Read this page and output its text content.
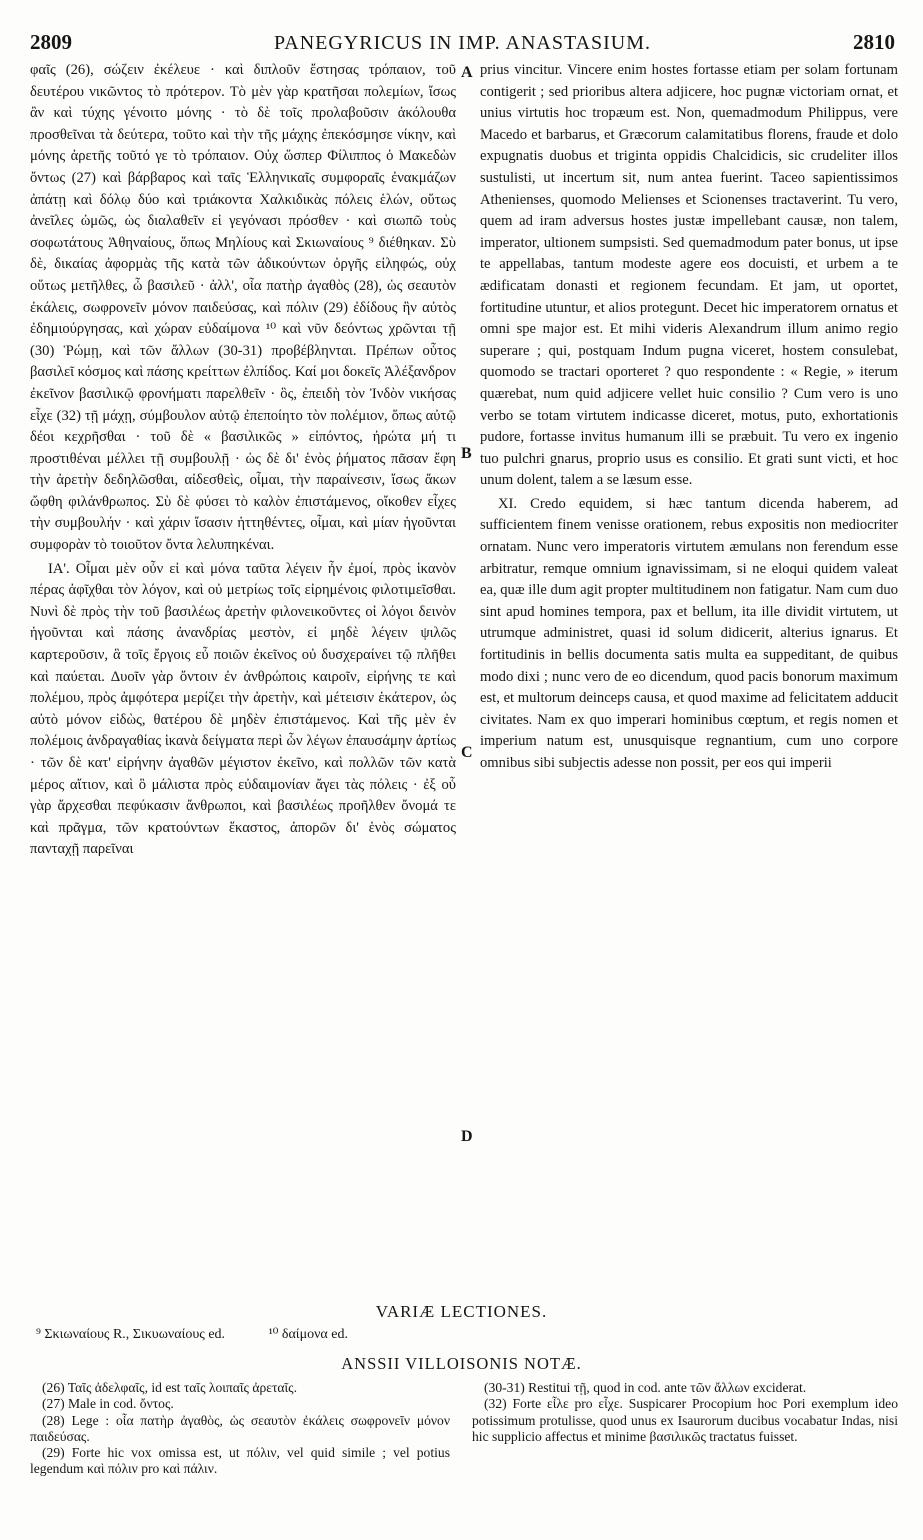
2809	PANEGYRICUS IN IMP. ANASTASIUM.	2810

φαῖς (26), σώζειν ἐκέλευε · καὶ διπλοῦν ἔστησας τρόπαιον, τοῦ δευτέρου νικῶντος τὸ πρότερον. Τὸ μὲν γὰρ κρατῆσαι πολεμίων, ἴσως ἂν καὶ τύχης γένοιτο μόνης · τὸ δὲ τοῖς προλαβοῦσιν ἀκόλουθα προσθεῖναι τὰ δεύτερα, τοῦτο καὶ τὴν τῆς μάχης ἐπεκόσμησε νίκην, καὶ μόνης ἀρετῆς τοῦτό γε τὸ τρόπαιον. Οὐχ ὥσπερ Φίλιππος ὁ Μακεδὼν ὄντως (27) καὶ βάρβαρος καὶ ταῖς Ἑλληνικαῖς συμφοραῖς ἐνακμάζων ἀπάτῃ καὶ δόλῳ δύο καὶ τριάκοντα Χαλκιδικὰς πόλεις ἑλών, οὕτως ἀνεῖλες ὠμῶς, ὡς διαλαθεῖν εἰ γεγόνασι πρόσθεν · καὶ σιωπῶ τοὺς σοφωτάτους Ἀθηναίους, ὅπως Μηλίους καὶ Σκιωναίους ⁹ διέθηκαν. Σὺ δὲ, δικαίας ἀφορμὰς τῆς κατὰ τῶν ἀδικούντων ὀργῆς εἰληφώς, οὐχ οὕτως μετῆλθες, ὦ βασιλεῦ · ἀλλ', οἷα πατὴρ ἀγαθὸς (28), ὡς σεαυτὸν ἐκάλεις, σωφρονεῖν μόνον παιδεύσας, καὶ πόλιν (29) ἐδίδους ἣν αὐτὸς ἐδημιούργησας, καὶ χώραν εὐδαίμονα ¹⁰ καὶ νῦν δεόντως χρῶνται τῇ (30) Ῥώμῃ, καὶ τῶν ἄλλων (30-31) προβέβληνται. Πρέπων οὗτος βασιλεῖ κόσμος καὶ πάσης κρείττων ἐλπίδος. Καί μοι δοκεῖς Ἀλέξανδρον ἐκεῖνον βασιλικῷ φρονήματι παρελθεῖν · ὃς, ἐπειδὴ τὸν Ἰνδὸν νικήσας εἶχε (32) τῇ μάχῃ, σύμβουλον αὐτῷ ἐπεποίητο τὸν πολέμιον, ὅπως αὐτῷ δέοι κεχρῆσθαι · τοῦ δὲ « βασιλικῶς » εἰπόντος, ἠρώτα μή τι προστιθέναι μέλλει τῇ συμβουλῇ · ὡς δὲ δι' ἑνὸς ῥήματος πᾶσαν ἔφη τὴν ἀρετὴν δεδηλῶσθαι, αἰδεσθεὶς, οἶμαι, τὴν παραίνεσιν, ἴσως ἄκων ὤφθη φιλάνθρωπος. Σὺ δὲ φύσει τὸ καλὸν ἐπιστάμενος, οἴκοθεν εἶχες τὴν συμβουλήν · καὶ χάριν ἴσασιν ἡττηθέντες, οἶμαι, καὶ μίαν ἡγοῦνται συμφορὰν τὸ τοιοῦτον ὄντα λελυπηκέναι.

ΙΑ'. Οἶμαι μὲν οὖν εἰ καὶ μόνα ταῦτα λέγειν ἦν ἐμοί, πρὸς ἱκανὸν πέρας ἀφῖχθαι τὸν λόγον, καὶ οὐ μετρίως τοῖς εἰρημένοις φιλοτιμεῖσθαι. Νυνὶ δὲ πρὸς τὴν τοῦ βασιλέως ἀρετὴν φιλονεικοῦντες οἱ λόγοι δεινὸν ἡγοῦνται καὶ πάσης ἀνανδρίας μεστὸν, εἰ μηδὲ λέγειν ψιλῶς καρτεροῦσιν, ἃ τοῖς ἔργοις εὖ ποιῶν ἐκεῖνος οὐ δυσχεραίνει τῷ πλῆθει καὶ παύεται. Δυοῖν γὰρ ὄντοιν ἐν ἀνθρώποις καιροῖν, εἰρήνης τε καὶ πολέμου, πρὸς ἀμφότερα μερίζει τὴν ἀρετὴν, καὶ μέτεισιν ἑκάτερον, ὡς αὐτὸ μόνον εἰδὼς, θατέρου δὲ μηδὲν ἐπιστάμενος. Καὶ τῆς μὲν ἐν πολέμοις ἀνδραγαθίας ἱκανὰ δείγματα περὶ ὧν λέγων ἐπαυσάμην ἀρτίως · τῶν δὲ κατ' εἰρήνην ἀγαθῶν μέγιστον ἐκεῖνο, καὶ πολλῶν τῶν κατὰ μέρος αἴτιον, καὶ ὃ μάλιστα πρὸς εὐδαιμονίαν ἄγει τὰς πόλεις · ἐξ οὗ γὰρ ἄρχεσθαι πεφύκασιν ἄνθρωποι, καὶ βασιλέως προῆλθεν ὄνομά τε καὶ πρᾶγμα, τῶν κρατούντων ἕκαστος, ἀπορῶν δι' ἑνὸς σώματος πανταχῇ παρεῖναι

A
B
C
D

prius vincitur. Vincere enim hostes fortasse etiam per solam fortunam contigerit ; sed prioribus altera adjicere, hoc pugnæ victoriam ornat, et unius virtutis hoc tropæum est. Non, quemadmodum Philippus, vere Macedo et barbarus, et Græcorum calamitatibus florens, fraude et dolo expugnatis duobus et triginta oppidis Chalcidicis, sic crudeliter illos sustulisti, ut incertum sit, num antea fuerint. Taceo sapientissimos Athenienses, quomodo Melienses et Scionenses tractaverint. Tu vero, quem ad iram adversus hostes justæ impellebant causæ, non talem, imperator, ultionem sumpsisti. Sed quemadmodum pater bonus, ut ipse te appellabas, tantum modeste agere eos docuisti, et urbem a te ædificatam donasti et regionem fecundam. Et jam, ut oportet, fortitudine utuntur, et alios protegunt. Decet hic imperatorem ornatus et omni spe major est. Et mihi videris Alexandrum illum animo regio superare ; qui, postquam Indum pugna viceret, hostem consulebat, quomodo se tractari oporteret ? quo respondente : « Regie, » iterum quærebat, num quid adjicere vellet huic consilio ? Cum vero is uno verbo se totam virtutem indicasse diceret, motus, puto, exhortationis pudore, fortasse invitus humanum illi se præbuit. Tu vero ex ingenio tuo pulchri gnarus, proprio usus es consilio. Et grati sunt victi, et hoc unum dolent, talem a se læsum esse.

XI. Credo equidem, si hæc tantum dicenda haberem, ad sufficientem finem venisse orationem, rebus expositis non mediocriter ornatam. Nunc vero imperatoris virtutem æmulans non ferendum esse arbitratur, remque omnium ignavissimam, si ne eloqui quidem valeat ea, quæ ille dum agit propter multitudinem non fatigatur. Nam cum duo sint apud homines tempora, pax et bellum, ita ille dividit virtutem, ut utrumque administret, quasi id solum didicerit, alterius ignarus. Et fortitudinis in bellis documenta satis multa ea suppeditant, de quibus modo dixi ; nunc vero de eo dicendum, quod pacis bonorum maximum est, et multorum deinceps causa, et quod maxime ad felicitatem adducit civitates. Nam ex quo imperari hominibus cœptum, et regis nomen et imperium natum est, unusquisque regnantium, cum uno corpore omnibus sibi subjectis adesse non possit, per eos qui imperii

VARIÆ LECTIONES.
⁹ Σκιωναίους R., Σικυωναίους ed.	¹⁰ δαίμονα ed.
ANSSII VILLOISONIS NOTÆ.

(26) Ταῖς ἀδελφαῖς, id est ταῖς λοιπαῖς ἀρεταῖς.

(27) Male in cod. ὄντος.

(28) Lege : οἷα πατὴρ ἀγαθὸς, ὡς σεαυτὸν ἐκάλεις σωφρονεῖν μόνον παιδεύσας.

(29) Forte hic vox omissa est, ut πόλιν, vel quid simile ; vel potius legendum καὶ πόλιν pro καὶ πάλιν.

(30-31) Restitui τῇ, quod in cod. ante τῶν ἄλλων exciderat.

(32) Forte εἷλε pro εἶχε. Suspicarer Procopium hoc Pori exemplum ideo potissimum protulisse, quod unus ex Isaurorum ducibus vocabatur Indas, nisi hic supplicio affectus et minime βασιλικῶς tractatus fuisset.
